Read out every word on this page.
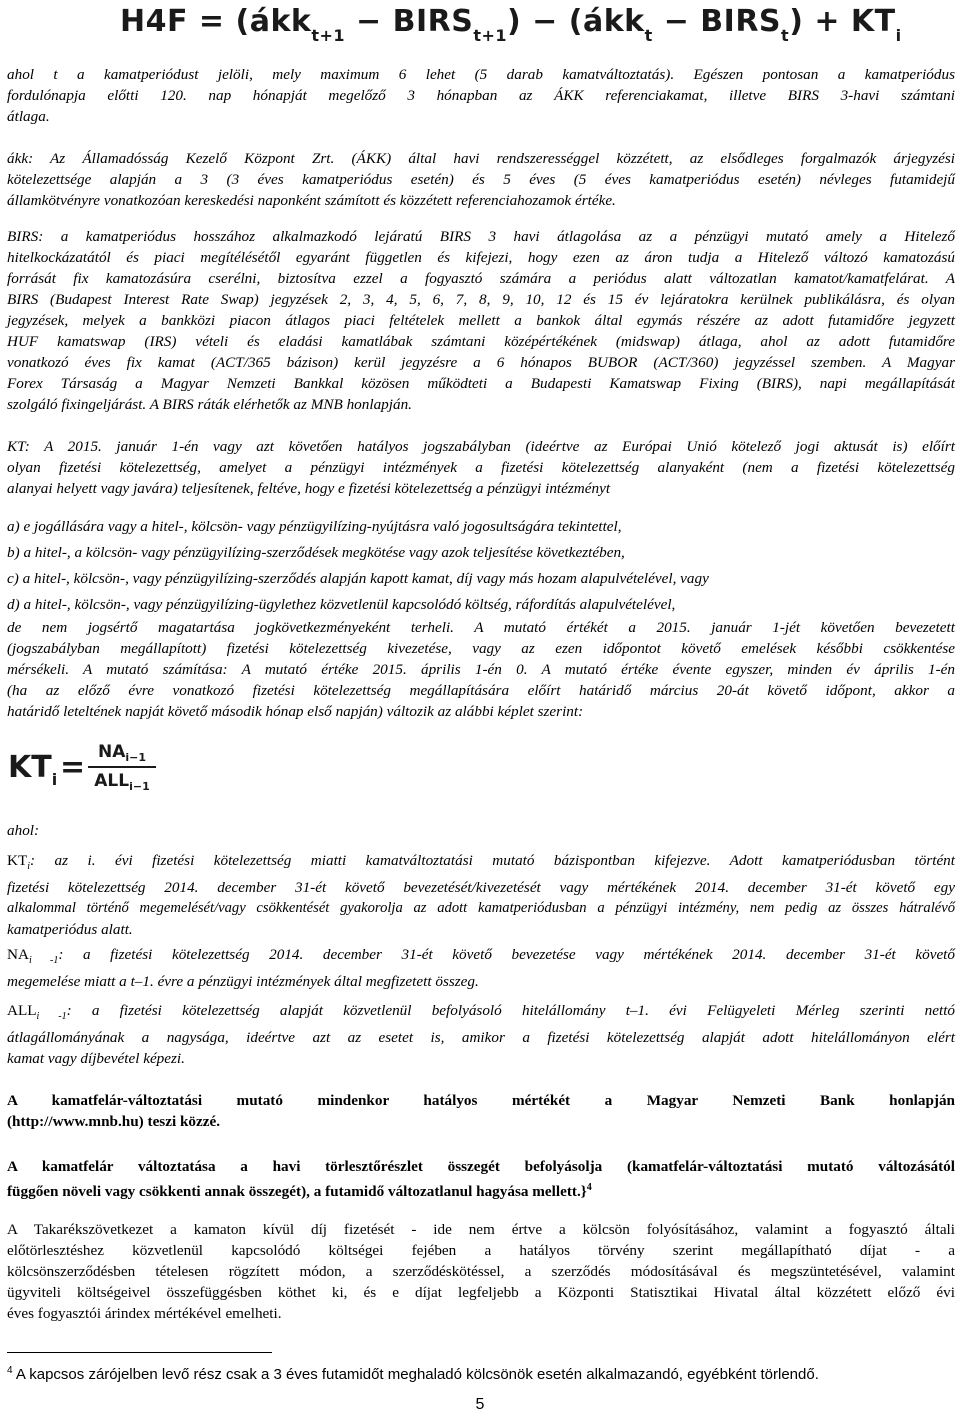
H4F = (ákk$_{t+1}$ − $BIRS_{t+1}$) − (ákk$_t$ − $BIRS_t) + KT_i$
ahol t a kamatperiódust jelöli, mely maximum 6 lehet (5 darab kamatváltoztatás). Egészen pontosan a kamatperiódus
fordulónapja előtti 120. nap hónapját megelőző 3 hónapban az ÁKK referenciakamat, illetve BIRS 3-havi számtani
átlaga.
ákk: Az Államadósság Kezelő Központ Zrt. (ÁKK) által havi rendszerességgel közzétett, az elsődleges forgalmazók árjegyzési
kötelezettsége alapján a 3 (3 éves kamatperiódus esetén) és 5 éves (5 éves kamatperiódus esetén) névleges futamidejű
államkötvényre vonatkozóan kereskedési naponként számított és közzétett referenciahozamok értéke.
BIRS: a kamatperiódus hosszához alkalmazkodó lejáratú BIRS 3 havi átlagolása az a pénzügyi mutató amely a Hitelező
hitelkockázatától és piaci megítélésétől egyaránt független és kifejezi, hogy ezen az áron tudja a Hitelező változó kamatozású
forrását fix kamatozásúra cserélni, biztosítva ezzel a fogyasztó számára a periódus alatt változatlan kamatot/kamatfelárat. A
BIRS (Budapest Interest Rate Swap) jegyzések 2, 3, 4, 5, 6, 7, 8, 9, 10, 12 és 15 év lejáratokra kerülnek publikálásra, és olyan
jegyzések, melyek a bankközi piacon átlagos piaci feltételek mellett a bankok által egymás részére az adott futamidőre jegyzett
HUF kamatswap (IRS) vételi és eladási kamatlábak számtani középértékének (midswap) átlaga, ahol az adott futamidőre
vonatkozó éves fix kamat (ACT/365 bázison) kerül jegyzésre a 6 hónapos BUBOR (ACT/360) jegyzéssel szemben. A Magyar
Forex Társaság a Magyar Nemzeti Bankkal közösen működteti a Budapesti Kamatswap Fixing (BIRS), napi megállapítását
szolgáló fixingeljárást. A BIRS ráták elérhetők az MNB honlapján.
KT: A 2015. január 1-én vagy azt követően hatályos jogszabályban (ideértve az Európai Unió kötelező jogi aktusát is) előírt
olyan fizetési kötelezettség, amelyet a pénzügyi intézmények a fizetési kötelezettség alanyaként (nem a fizetési kötelezettség
alanyai helyett vagy javára) teljesítenek, feltéve, hogy e fizetési kötelezettség a pénzügyi intézményt
a) e jogállására vagy a hitel-, kölcsön- vagy pénzügyilízing-nyújtásra való jogosultságára tekintettel,
b) a hitel-, a kölcsön- vagy pénzügyilízing-szerződések megkötése vagy azok teljesítése következtében,
c) a hitel-, kölcsön-, vagy pénzügyilízing-szerződés alapján kapott kamat, díj vagy más hozam alapulvételével, vagy
d) a hitel-, kölcsön-, vagy pénzügyilízing-ügylethez közvetlenül kapcsolódó költség, ráfordítás alapulvételével,
de nem jogsértő magatartása jogkövetkezményeként terheli. A mutató értékét a 2015. január 1-jét követően bevezetett
(jogszabályban megállapított) fizetési kötelezettség kivezetése, vagy az ezen időpontot követő emelések későbbi csökkentése
mérsékeli. A mutató számítása: A mutató értéke 2015. április 1-én 0. A mutató értéke évente egyszer, minden év április 1-én
(ha az előző évre vonatkozó fizetési kötelezettség megállapítására előírt határidő március 20-át követő időpont, akkor a
határidő leteltének napját követő második hónap első napján) változik az alábbi képlet szerint:
$KT_i = NA_{i-1}$
$ALL_{i-1}$
ahol:
$KT_i$: az i. évi fizetési kötelezettség miatti kamatváltoztatási mutató bázispontban kifejezve. Adott kamatperiódusban történt
fizetési kötelezettség 2014. december 31-ét követő bevezetését/kivezetését vagy mértékének 2014. december 31-ét követő egy
alkalommal történő megemelését/vagy csökkentését gyakorolja az adott kamatperiódusban a pénzügyi intézmény, nem pedig az összes hátralévő
kamatperiódus alatt.
$NA_{i -1}$: a fizetési kötelezettség 2014. december 31-ét követő bevezetése vagy mértékének 2014. december 31-ét követő
megemelése miatt a t–1. évre a pénzügyi intézmények által megfizetett összeg.
$ALL_{i -1}$: a fizetési kötelezettség alapját közvetlenül befolyásoló hitelállomány t–1. évi Felügyeleti Mérleg szerinti nettó
átlagállományának a nagysága, ideértve azt az esetet is, amikor a fizetési kötelezettség alapját adott hitelállományon elért
kamat vagy díjbevétel képezi.
A kamatfelár-változtatási mutató mindenkor hatályos mértékét a Magyar Nemzeti Bank honlapján
(http://www.mnb.hu) teszi közzé.
A kamatfelár változtatása a havi törlesztőrészlet összegét befolyásolja (kamatfelár-változtatási mutató változásától
függően növeli vagy csökkenti annak összegét), a futamidő változatlanul hagyása mellett.}$^4$
A Takarékszövetkezet a kamaton kívül díj fizetését - ide nem értve a kölcsön folyósításához, valamint a fogyasztó általi
előtörlesztéshez közvetlenül kapcsolódó költségei fejében a hatályos törvény szerint megállapítható díjat - a
kölcsönszerződésben tételesen rögzített módon, a szerződéskötéssel, a szerződés módosításával és megszüntetésével, valamint
ügyviteli költségeivel összefüggésben köthet ki, és e díjat legfeljebb a Központi Statisztikai Hivatal által közzétett előző évi
éves fogyasztói árindex mértékével emelheti.
$^4$ A kapcsos zárójelben levő rész csak a 3 éves futamidőt meghaladó kölcsönök esetén alkalmazandó, egyébként törlendő.
5
